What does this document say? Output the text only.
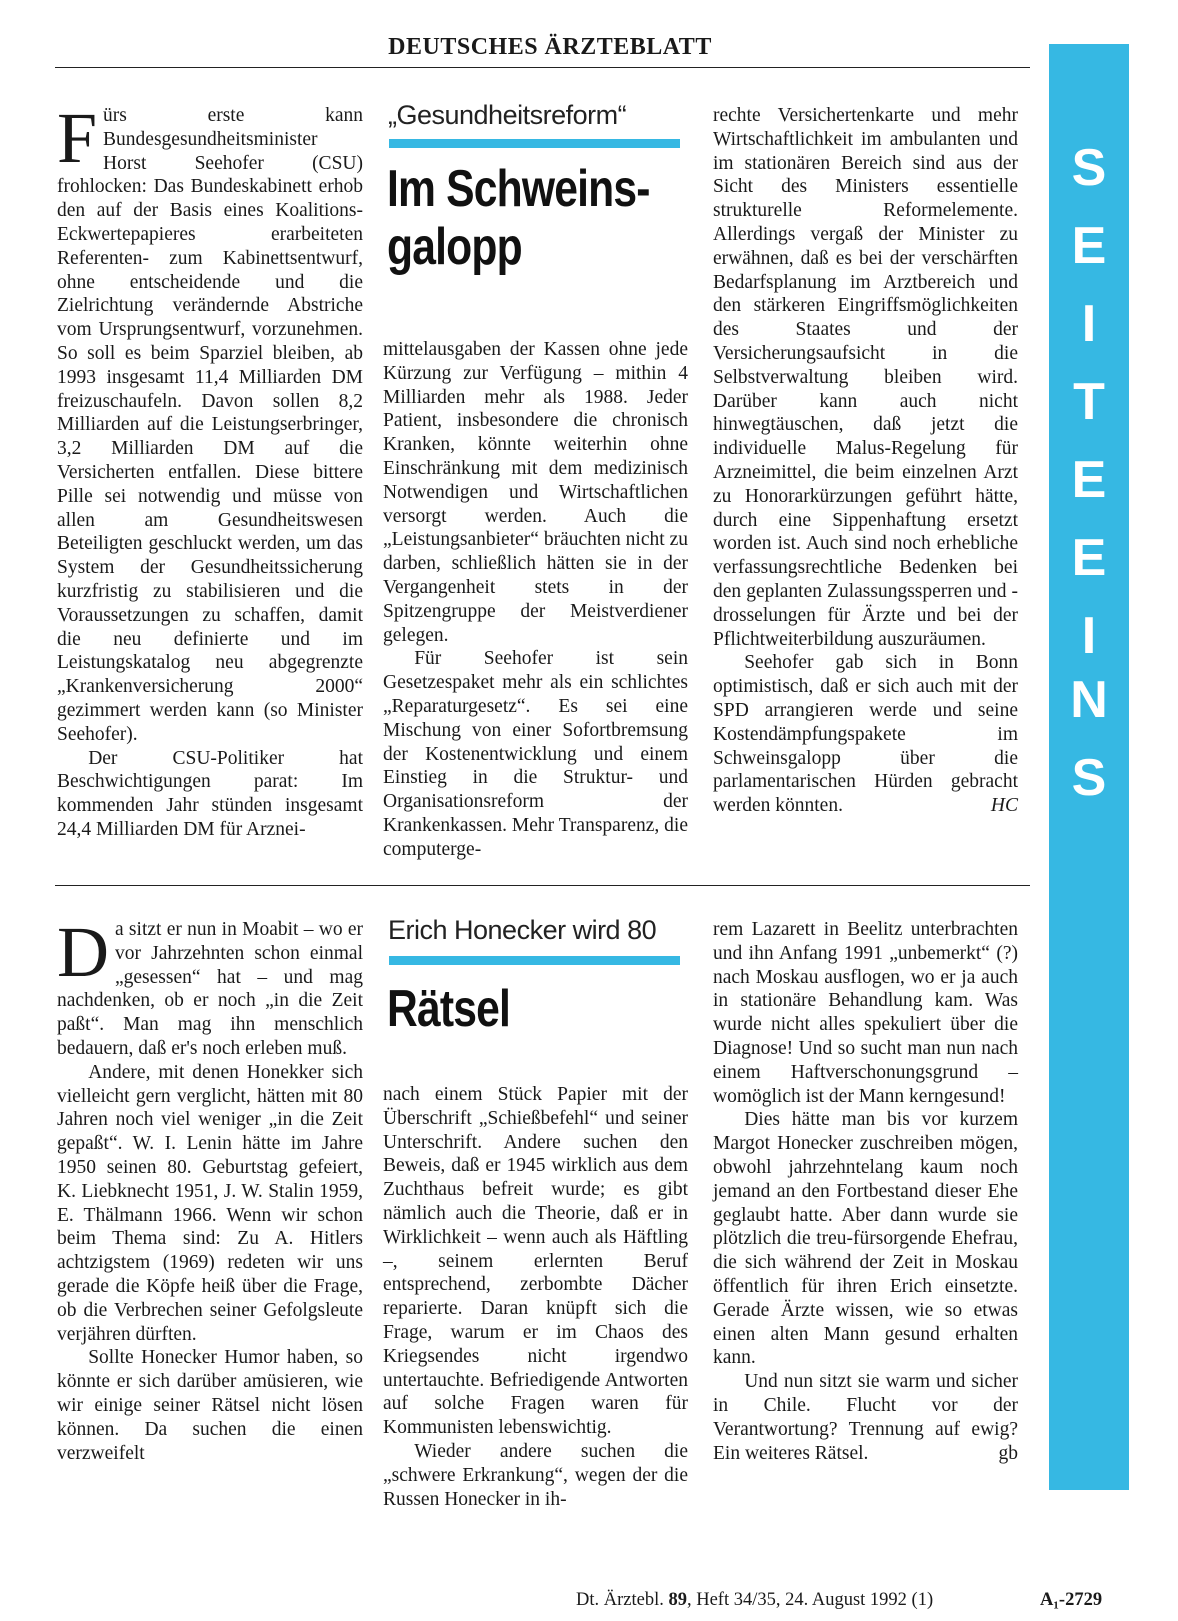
DEUTSCHES ÄRZTEBLATT
S
E
I
T
E
E
I
N
S

Fürs erste kann Bundesgesundheitsminister Horst Seehofer (CSU) frohlocken: Das Bundeskabinett erhob den auf der Basis eines Koalitions-Eckwertepapieres erarbeiteten Referenten- zum Kabinettsentwurf, ohne entscheidende und die Zielrichtung verändernde Abstriche vom Ursprungsentwurf, vorzunehmen. So soll es beim Sparziel bleiben, ab 1993 insgesamt 11,4 Milliarden DM freizuschaufeln. Davon sollen 8,2 Milliarden auf die Leistungserbringer, 3,2 Milliarden DM auf die Versicherten entfallen. Diese bittere Pille sei notwendig und müsse von allen am Gesundheitswesen Beteiligten geschluckt werden, um das System der Gesundheitssicherung kurzfristig zu stabilisieren und die Voraussetzungen zu schaffen, damit die neu definierte und im Leistungskatalog neu abgegrenzte „Krankenversicherung 2000“ gezimmert werden kann (so Minister Seehofer).

Der CSU-Politiker hat Beschwichtigungen parat: Im kommenden Jahr stünden insgesamt 24,4 Milliarden DM für Arznei-

„Gesundheitsreform“
Im Schweins-
galopp

mittelausgaben der Kassen ohne jede Kürzung zur Verfügung – mithin 4 Milliarden mehr als 1988. Jeder Patient, insbesondere die chronisch Kranken, könnte weiterhin ohne Einschränkung mit dem medizinisch Notwendigen und Wirtschaftlichen versorgt werden. Auch die „Leistungsanbieter“ bräuchten nicht zu darben, schließlich hätten sie in der Vergangenheit stets in der Spitzengruppe der Meistverdiener gelegen.

Für Seehofer ist sein Gesetzespaket mehr als ein schlichtes „Reparaturgesetz“. Es sei eine Mischung von einer Sofortbremsung der Kostenentwicklung und einem Einstieg in die Struktur- und Organisationsreform der Krankenkassen. Mehr Transparenz, die computerge-

rechte Versichertenkarte und mehr Wirtschaftlichkeit im ambulanten und im stationären Bereich sind aus der Sicht des Ministers essentielle strukturelle Reformelemente. Allerdings vergaß der Minister zu erwähnen, daß es bei der verschärften Bedarfsplanung im Arztbereich und den stärkeren Eingriffsmöglichkeiten des Staates und der Versicherungsaufsicht in die Selbstverwaltung bleiben wird. Darüber kann auch nicht hinwegtäuschen, daß jetzt die individuelle Malus-Regelung für Arzneimittel, die beim einzelnen Arzt zu Honorarkürzungen geführt hätte, durch eine Sippenhaftung ersetzt worden ist. Auch sind noch erhebliche verfassungsrechtliche Bedenken bei den geplanten Zulassungssperren und -drosselungen für Ärzte und bei der Pflichtweiterbildung auszuräumen.

Seehofer gab sich in Bonn optimistisch, daß er sich auch mit der SPD arrangieren werde und seine Kostendämpfungspakete im Schweinsgalopp über die parlamentarischen Hürden gebracht werden könnten.	HC

Da sitzt er nun in Moabit – wo er vor Jahrzehnten schon einmal „gesessen“ hat – und mag nachdenken, ob er noch „in die Zeit paßt“. Man mag ihn menschlich bedauern, daß er's noch erleben muß.

Andere, mit denen Honekker sich vielleicht gern verglicht, hätten mit 80 Jahren noch viel weniger „in die Zeit gepaßt“. W. I. Lenin hätte im Jahre 1950 seinen 80. Geburtstag gefeiert, K. Liebknecht 1951, J. W. Stalin 1959, E. Thälmann 1966. Wenn wir schon beim Thema sind: Zu A. Hitlers achtzigstem (1969) redeten wir uns gerade die Köpfe heiß über die Frage, ob die Verbrechen seiner Gefolgsleute verjähren dürften.

Sollte Honecker Humor haben, so könnte er sich darüber amüsieren, wie wir einige seiner Rätsel nicht lösen können. Da suchen die einen verzweifelt

Erich Honecker wird 80
Rätsel

nach einem Stück Papier mit der Überschrift „Schießbefehl“ und seiner Unterschrift. Andere suchen den Beweis, daß er 1945 wirklich aus dem Zuchthaus befreit wurde; es gibt nämlich auch die Theorie, daß er in Wirklichkeit – wenn auch als Häftling –, seinem erlernten Beruf entsprechend, zerbombte Dächer reparierte. Daran knüpft sich die Frage, warum er im Chaos des Kriegsendes nicht irgendwo untertauchte. Befriedigende Antworten auf solche Fragen waren für Kommunisten lebenswichtig.

Wieder andere suchen die „schwere Erkrankung“, wegen der die Russen Honecker in ih-

rem Lazarett in Beelitz unterbrachten und ihn Anfang 1991 „unbemerkt“ (?) nach Moskau ausflogen, wo er ja auch in stationäre Behandlung kam. Was wurde nicht alles spekuliert über die Diagnose! Und so sucht man nun nach einem Haftverschonungsgrund – womöglich ist der Mann kerngesund!

Dies hätte man bis vor kurzem Margot Honecker zuschreiben mögen, obwohl jahrzehntelang kaum noch jemand an den Fortbestand dieser Ehe geglaubt hatte. Aber dann wurde sie plötzlich die treu-fürsorgende Ehefrau, die sich während der Zeit in Moskau öffentlich für ihren Erich einsetzte. Gerade Ärzte wissen, wie so etwas einen alten Mann gesund erhalten kann.

Und nun sitzt sie warm und sicher in Chile. Flucht vor der Verantwortung? Trennung auf ewig? Ein weiteres Rätsel.	gb

Dt. Ärztebl. 89, Heft 34/35, 24. August 1992 (1)	A₁-2729
